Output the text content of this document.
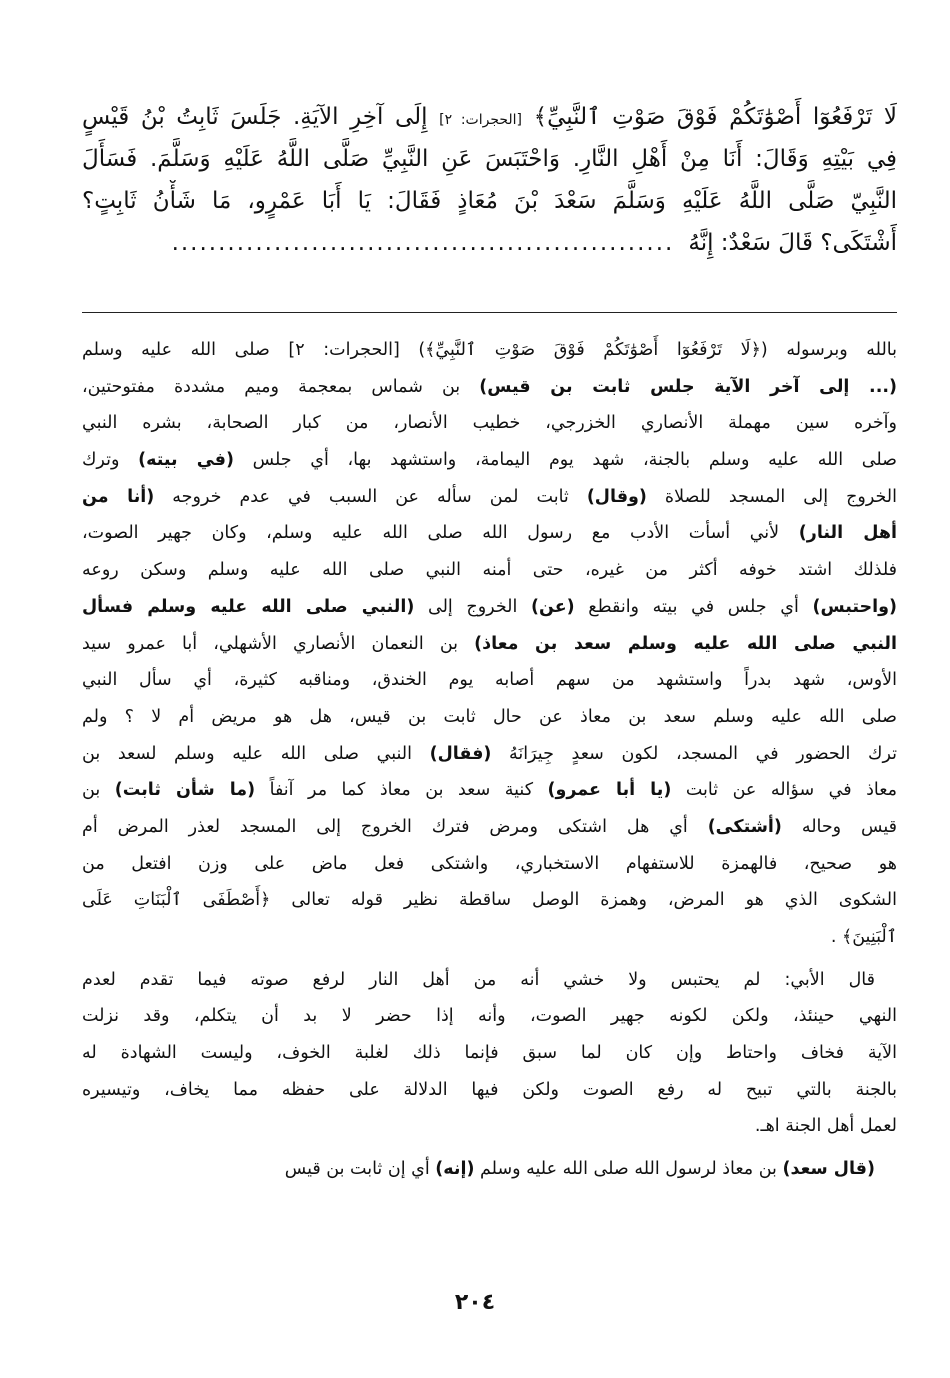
لَا تَرْفَعُوٓا أَصْوَٰتَكُمْ فَوْقَ صَوْتِ ٱلنَّبِيِّ﴾ [الحجرات: ٢] إِلَى آخِرِ الآيَةِ. جَلَسَ ثَابِتُ بْنُ قَيْسٍ
فِي بَيْتِهِ وَقَالَ: أَنَا مِنْ أَهْلِ النَّارِ. وَاحْتَبَسَ عَنِ النَّبِيِّ صَلَّى اللَّهُ عَلَيْهِ وَسَلَّمَ. فَسَأَلَ
النَّبِيّ صَلَّى اللَّهُ عَلَيْهِ وَسَلَّمَ سَعْدَ بْنَ مُعَاذٍ فَقَالَ: يَا أَبَا عَمْرٍو، مَا شَأْنُ ثَابِتٍ؟
أَشْتَكَى؟ قَالَ سَعْدٌ: إِنَّهُ
......................................................
بالله وبرسوله (﴿لَا تَرْفَعُوٓا أَصْوَٰتَكُمْ فَوْقَ صَوْتِ ٱلنَّبِيِّ﴾) [الحجرات: ٢] صلى الله عليه وسلم
(... إلى آخر الآية جلس ثابت بن قيس) بن شماس بمعجمة وميم مشددة مفتوحتين،
وآخره سين مهملة الأنصاري الخزرجي، خطيب الأنصار، من كبار الصحابة، بشره النبي
صلى الله عليه وسلم بالجنة، شهد يوم اليمامة، واستشهد بها، أي جلس (في بيته) وترك
الخروج إلى المسجد للصلاة (وقال) ثابت لمن سأله عن السبب في عدم خروجه (أنا من
أهل النار) لأني أسأت الأدب مع رسول الله صلى الله عليه وسلم، وكان جهير الصوت،
فلذلك اشتد خوفه أكثر من غيره، حتى أمنه النبي صلى الله عليه وسلم وسكن روعه
(واحتبس) أي جلس في بيته وانقطع (عن) الخروج إلى (النبي صلى الله عليه وسلم فسأل
النبي صلى الله عليه وسلم سعد بن معاذ) بن النعمان الأنصاري الأشهلي، أبا عمرو سيد
الأوس، شهد بدراً واستشهد من سهم أصابه يوم الخندق، ومناقبه كثيرة، أي سأل النبي
صلى الله عليه وسلم سعد بن معاذ عن حال ثابت بن قيس، هل هو مريض أم لا ؟ ولم
ترك الحضور في المسجد، لكون سعدٍ جِيرَانَهُ (فقال) النبي صلى الله عليه وسلم لسعد بن
معاذ في سؤاله عن ثابت (يا أبا عمرو) كنية سعد بن معاذ كما مر آنفاً (ما شأن ثابت) بن
قيس وحاله (أشتكى) أي هل اشتكى ومرض فترك الخروج إلى المسجد لعذر المرض أم
هو صحيح، فالهمزة للاستفهام الاستخباري، واشتكى فعل ماض على وزن افتعل من
الشكوى الذي هو المرض، وهمزة الوصل ساقطة نظير قوله تعالى ﴿أَصْطَفَى ٱلْبَنَاتِ عَلَى
ٱلْبَنِينَ﴾ .
قال الأبي: لم يحتبس ولا خشي أنه من أهل النار لرفع صوته فيما تقدم لعدم
النهي حينئذ، ولكن لكونه جهير الصوت، وأنه إذا حضر لا بد أن يتكلم، وقد نزلت
الآية فخاف واحتاط وإن كان لما سبق فإنما ذلك لغلبة الخوف، وليست الشهادة له
بالجنة بالتي تبيح له رفع الصوت ولكن فيها الدلالة على حفظه مما يخاف، وتيسيره
لعمل أهل الجنة اهـ.
(قال سعد) بن معاذ لرسول الله صلى الله عليه وسلم (إنه) أي إن ثابت بن قيس
٢٠٤
